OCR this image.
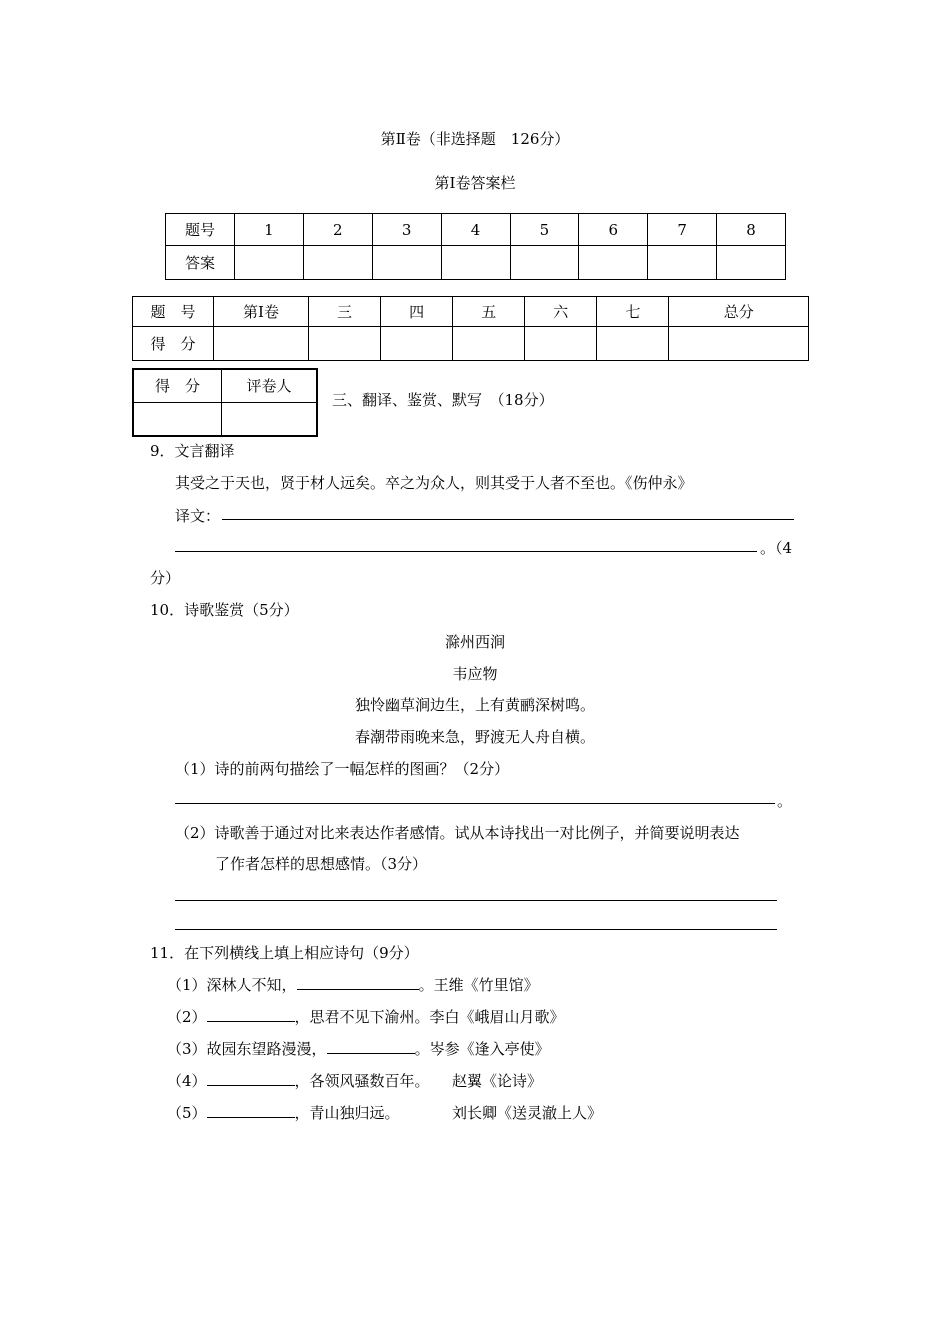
第Ⅱ卷（非选择题　126分）
第Ⅰ卷答案栏
题号	1	2	3	4	5	6	7	8
答案								
题　号	第Ⅰ卷	三	四	五	六	七	总分
得　分							
得　分	评卷人

三、翻译、鉴赏、默写　（18分）
9．文言翻译
其受之于天也，贤于材人远矣。卒之为众人，则其受于人者不至也。《伤仲永》
译文：
。（4
分）
10．诗歌鉴赏（5分）
滁州西涧
韦应物
独怜幽草涧边生，上有黄鹂深树鸣。
春潮带雨晚来急，野渡无人舟自横。
（1）诗的前两句描绘了一幅怎样的图画？（2分）
。
（2）诗歌善于通过对比来表达作者感情。试从本诗找出一对比例子，并简要说明表达
了作者怎样的思想感情。（3分）
11．在下列横线上填上相应诗句（9分）
（1）深林人不知，	。王维《竹里馆》
（2）	，思君不见下渝州。李白《峨眉山月歌》
（3）故园东望路漫漫，	。岑参《逢入亭使》
（4）	，各领风骚数百年。　　赵翼《论诗》
（5）	，青山独归远。　　　　刘长卿《送灵澈上人》
